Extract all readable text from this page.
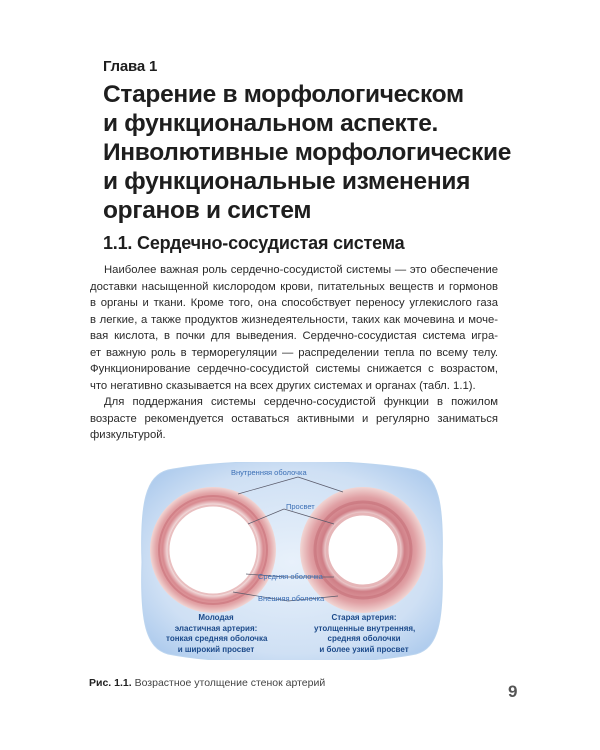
Глава 1
Старение в морфологическом
и функциональном аспекте.
Инволютивные морфологические
и функциональные изменения
органов и систем
1.1. Сердечно-сосудистая система
Наиболее важная роль сердечно-сосудистой системы — это обеспечение
доставки насыщенной кислородом крови, питательных веществ и гормонов
в органы и ткани. Кроме того, она способствует переносу углекислого газа
в легкие, а также продуктов жизнедеятельности, таких как мочевина и моче-
вая кислота, в почки для выведения. Сердечно-сосудистая система игра-
ет важную роль в терморегуляции — распределении тепла по всему телу.
Функционирование сердечно-сосудистой системы снижается с возрастом,
что негативно сказывается на всех других системах и органах (табл. 1.1).
Для поддержания системы сердечно-сосудистой функции в пожилом
возрасте рекомендуется оставаться активными и регулярно заниматься
физкультурой.
Внутренняя оболочка
Просвет
Средняя оболочка
Внешняя оболочка
Молодая
эластичная артерия:
тонкая средняя оболочка
и широкий просвет
Старая артерия:
утолщенные внутренняя,
средняя оболочки
и более узкий просвет
Рис. 1.1. Возрастное утолщение стенок артерий	9
